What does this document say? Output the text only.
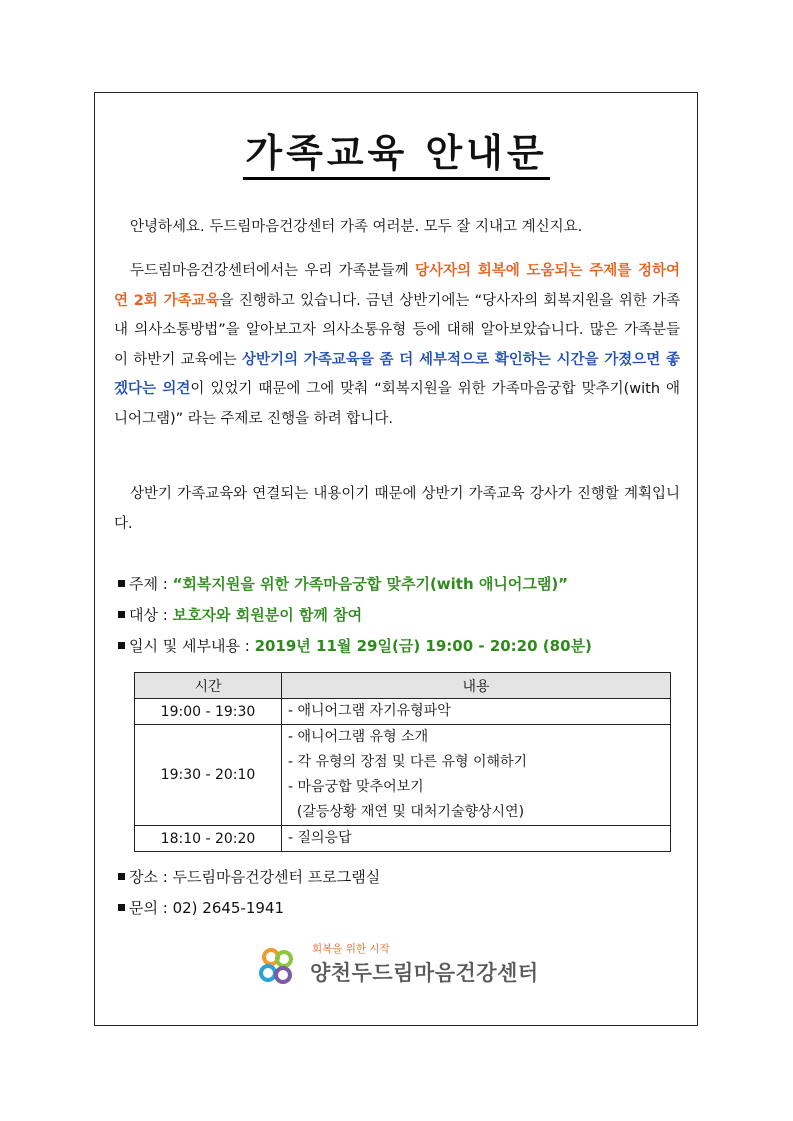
가족교육 안내문
안녕하세요. 두드림마음건강센터 가족 여러분. 모두 잘 지내고 계신지요.
두드림마음건강센터에서는 우리 가족분들께 당사자의 회복에 도움되는 주제를 정하여 연 2회 가족교육을 진행하고 있습니다. 금년 상반기에는 “당사자의 회복지원을 위한 가족내 의사소통방법”을 알아보고자 의사소통유형 등에 대해 알아보았습니다. 많은 가족분들이 하반기 교육에는 상반기의 가족교육을 좀 더 세부적으로 확인하는 시간을 가졌으면 좋겠다는 의견이 있었기 때문에 그에 맞춰 “회복지원을 위한 가족마음궁합 맞추기(with 애니어그램)” 라는 주제로 진행을 하려 합니다.
상반기 가족교육와 연결되는 내용이기 때문에 상반기 가족교육 강사가 진행할 계획입니다.
주제 : “회복지원을 위한 가족마음궁합 맞추기(with 애니어그램)”
대상 : 보호자와 회원분이 함께 참여
일시 및 세부내용 : 2019년 11월 29일(금) 19:00 - 20:20 (80분)
시간	내용
19:00 - 19:30	- 애니어그램 자기유형파악

19:30 - 20:10	- 애니어그램 유형 소개
- 각 유형의 장점 및 다른 유형 이해하기
- 마음궁합 맞추어보기
(갈등상황 재연 및 대처기술향상시연)

18:10 - 20:20	- 질의응답
장소 : 두드림마음건강센터 프로그램실
문의 : 02) 2645-1941
회복을 위한 시작
양천두드림마음건강센터
